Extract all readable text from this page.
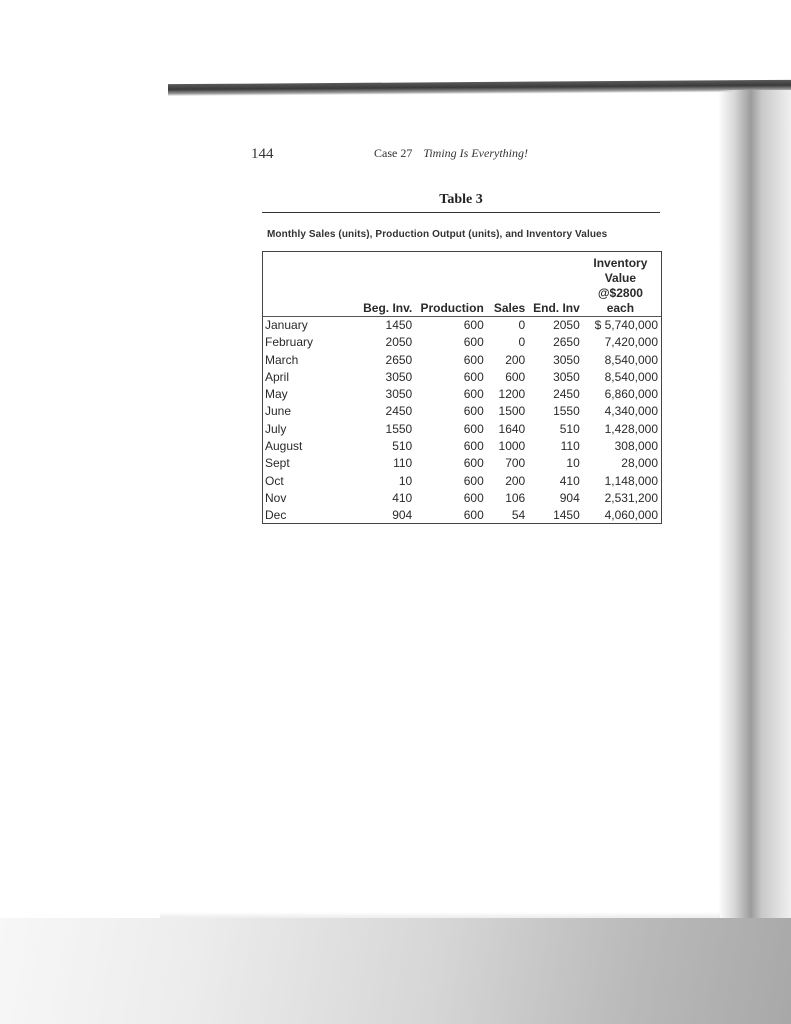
144	Case 27 Timing Is Everything!
Table 3
Monthly Sales (units), Production Output (units), and Inventory Values
	Beg. Inv.	Production	Sales	End. Inv	Inventory
Value
@$2800
each

January	1450	600	0	2050	$ 5,740,000
February	2050	600	0	2650	7,420,000
March	2650	600	200	3050	8,540,000
April	3050	600	600	3050	8,540,000
May	3050	600	1200	2450	6,860,000
June	2450	600	1500	1550	4,340,000
July	1550	600	1640	510	1,428,000
August	510	600	1000	110	308,000
Sept	110	600	700	10	28,000
Oct	10	600	200	410	1,148,000
Nov	410	600	106	904	2,531,200
Dec	904	600	54	1450	4,060,000
